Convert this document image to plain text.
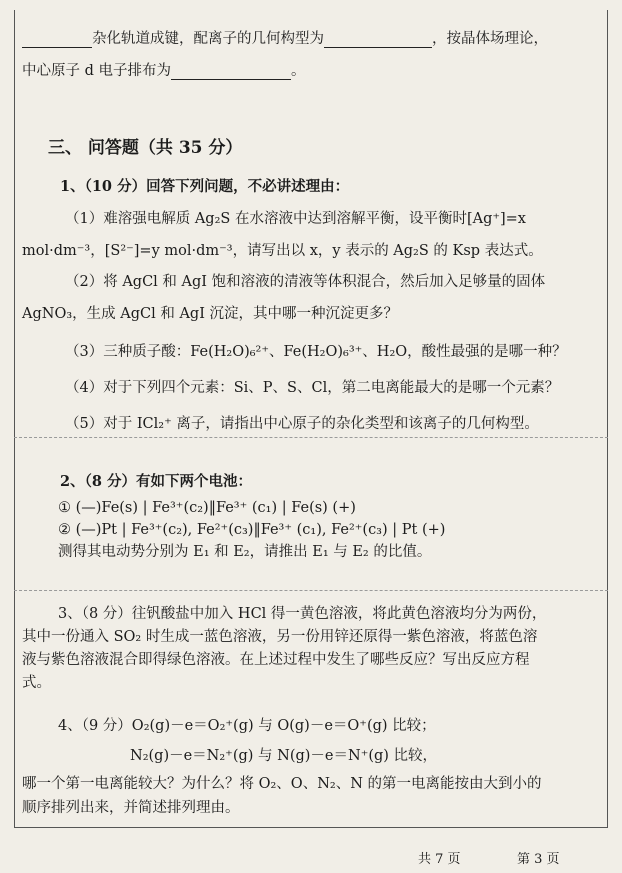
杂化轨道成键，配离子的几何构型为	，按晶体场理论，
中心原子 d 电子排布为	。
三、 问答题（共 35 分）
1、（10 分）回答下列问题，不必讲述理由：
（1）难溶强电解质 Ag₂S 在水溶液中达到溶解平衡，设平衡时[Ag⁺]=x
mol·dm⁻³，[S²⁻]=y mol·dm⁻³，请写出以 x，y 表示的 Ag₂S 的 Ksp 表达式。
（2）将 AgCl 和 AgI 饱和溶液的清液等体积混合，然后加入足够量的固体
AgNO₃，生成 AgCl 和 AgI 沉淀，其中哪一种沉淀更多？
（3）三种质子酸：Fe(H₂O)₆²⁺、Fe(H₂O)₆³⁺、H₂O，酸性最强的是哪一种？
（4）对于下列四个元素：Si、P、S、Cl，第二电离能最大的是哪一个元素？
（5）对于 ICl₂⁺ 离子，请指出中心原子的杂化类型和该离子的几何构型。
2、（8 分）有如下两个电池：
① (—)Fe(s) | Fe³⁺(c₂)‖Fe³⁺ (c₁) | Fe(s) (+)
② (—)Pt | Fe³⁺(c₂), Fe²⁺(c₃)‖Fe³⁺ (c₁), Fe²⁺(c₃) | Pt (+)
测得其电动势分别为 E₁ 和 E₂，请推出 E₁ 与 E₂ 的比值。
3、（8 分）往钒酸盐中加入 HCl 得一黄色溶液，将此黄色溶液均分为两份，
其中一份通入 SO₂ 时生成一蓝色溶液，另一份用锌还原得一紫色溶液，将蓝色溶
液与紫色溶液混合即得绿色溶液。在上述过程中发生了哪些反应？写出反应方程
式。
4、（9 分）O₂(g)－e＝O₂⁺(g) 与 O(g)－e＝O⁺(g) 比较；
N₂(g)－e＝N₂⁺(g) 与 N(g)－e＝N⁺(g) 比较，
哪一个第一电离能较大？为什么？将 O₂、O、N₂、N 的第一电离能按由大到小的
顺序排列出来，并简述排列理由。
共 7 页	第 3 页
